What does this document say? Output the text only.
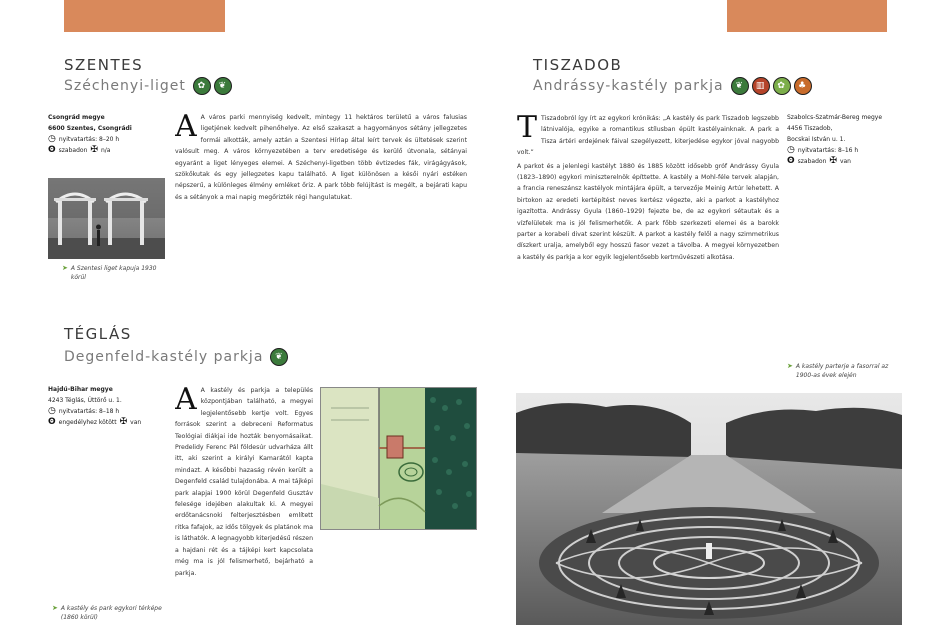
SZENTES
Széchenyi-liget	✿	❦
Csongrád megye
6600 Szentes, Csongrádi
◷ nyitvatartás: 8–20 h
ʘ szabadon ✠ n/a
➤ A Szentesi liget kapuja 1930 körül
A A város parki mennyiség kedvelt, mintegy 11 hektáros területű a város falusias ligetjének kedvelt pihenőhelye. Az első szakaszt a hagyományos sétány jellegzetes formái alkották, amely aztán a Szentesi Hírlap által leírt tervek és ültetések szerint valósult meg. A város környezetében a terv eredetisége és kerülő útvonala, sétányai egyaránt a liget lényeges elemei. A Széchenyi-ligetben több évtizedes fák, virágágyások, szökőkutak és egy jellegzetes kapu található. A liget különösen a késői nyári estéken népszerű, a különleges élmény emléket őriz. A park több felújítást is megélt, a bejárati kapu és a sétányok a mai napig megőrizték régi hangulatukat.
TÉGLÁS
Degenfeld-kastély parkja	❦
Hajdú-Bihar megye
4243 Téglás, Úttörő u. 1.
◷ nyitvatartás: 8–18 h
ʘ engedélyhez kötött ✠ van
A A kastély és parkja a település központjában található, a megyei legjelentősebb kertje volt. Egyes források szerint a debreceni Reformatus Teológiai diákjai ide hozták benyomásaikat. Predelidy Ferenc Pál földesúr udvarháza állt itt, aki szerint a királyi Kamarától kapta mindazt. A későbbi hazaság révén került a Degenfeld család tulajdonába. A mai tájképi park alapjai 1900 körül Degenfeld Gusztáv felesége idejében alakultak ki. A megyei erdőtanácsnoki felterjesztésben említett ritka fafajok, az idős tölgyek és platánok ma is láthatók. A legnagyobb kiterjedésű részen a hajdani rét és a tájképi kert kapcsolata még ma is jól felismerhető, bejárható a parkja.
➤ A kastély és park egykori térképe (1860 körül)
TISZADOB
Andrássy-kastély parkja	❦	▥	✿	♣

T Tiszadobról így írt az egykori krónikás: „A kastély és park Tiszadob legszebb látnivalója, egyike a romantikus stílusban épült kastélyainknak. A park a Tisza ártéri erdejének fáival szegélyezett, kiterjedése egykor jóval nagyobb volt.”

A parkot és a jelenlegi kastélyt 1880 és 1885 között idősebb gróf Andrássy Gyula (1823–1890) egykori miniszterelnök építtette. A kastély a Mohl-féle tervek alapján, a francia reneszánsz kastélyok mintájára épült, a tervezője Meinig Artúr lehetett. A birtokon az eredeti kertépítést neves kertész végezte, aki a parkot a kastélyhoz igazította. Andrássy Gyula (1860–1929) fejezte be, de az egykori sétautak és a vízfelületek ma is jól felismerhetők. A park főbb szerkezeti elemei és a barokk parter a korabeli divat szerint készült. A parkot a kastély felől a nagy szimmetrikus díszkert uralja, amelyből egy hosszú fasor vezet a távolba. A megyei környezetben a kastély és parkja a kor egyik legjelentősebb kertművészeti alkotása.

Szabolcs-Szatmár-Bereg megye
4456 Tiszadob,
Bocskai István u. 1.
◷ nyitvatartás: 8–16 h
ʘ szabadon ✠ van
➤ A kastély parterje a fasorral az 1900-as évek elején
